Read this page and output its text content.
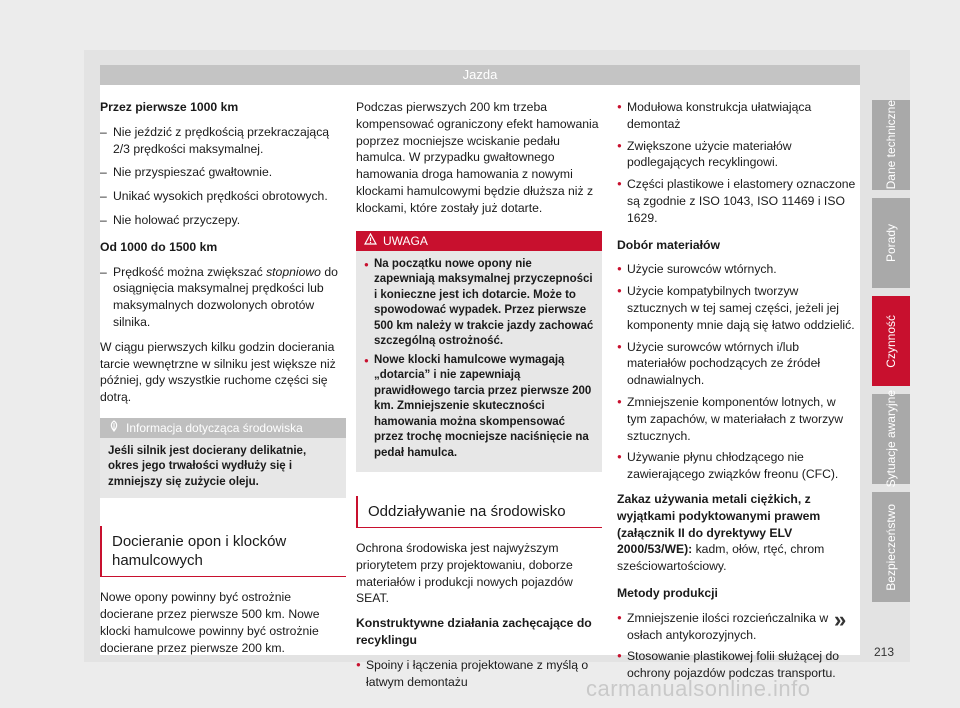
Jazda

Przez pierwsze 1000 km

– Nie jeździć z prędkością przekraczającą 2/3 prędkości maksymalnej.
– Nie przyspieszać gwałtownie.
– Unikać wysokich prędkości obrotowych.
– Nie holować przyczepy.

Od 1000 do 1500 km

– Prędkość można zwiększać stopniowo do osiągnięcia maksymalnej prędkości lub maksymalnych dozwolonych obrotów silnika.

W ciągu pierwszych kilku godzin docierania tarcie wewnętrzne w silniku jest większe niż później, gdy wszystkie ruchome części się dotrą.

Informacja dotycząca środowiska
Jeśli silnik jest docierany delikatnie, okres jego trwałości wydłuży się i zmniejszy się zużycie oleju.
Docieranie opon i klocków hamulcowych

Nowe opony powinny być ostrożnie docierane przez pierwsze 500 km. Nowe klocki hamulcowe powinny być ostrożnie docierane przez pierwsze 200 km.

Podczas pierwszych 200 km trzeba kompensować ograniczony efekt hamowania poprzez mocniejsze wciskanie pedału hamulca. W przypadku gwałtownego hamowania droga hamowania z nowymi klockami hamulcowymi będzie dłuższa niż z klockami, które zostały już dotarte.

UWAGA
● Na początku nowe opony nie zapewniają maksymalnej przyczepności i konieczne jest ich dotarcie. Może to spowodować wypadek. Przez pierwsze 500 km należy w trakcie jazdy zachować szczególną ostrożność.
● Nowe klocki hamulcowe wymagają „dotarcia” i nie zapewniają prawidłowego tarcia przez pierwsze 200 km. Zmniejszenie skuteczności hamowania można skompensować przez trochę mocniejsze naciśnięcie na pedał hamulca.
Oddziaływanie na środowisko

Ochrona środowiska jest najwyższym priorytetem przy projektowaniu, doborze materiałów i produkcji nowych pojazdów SEAT.

Konstruktywne działania zachęcające do recyklingu

● Spoiny i łączenia projektowane z myślą o łatwym demontażu
● Modułowa konstrukcja ułatwiająca demontaż
● Zwiększone użycie materiałów podlegających recyklingowi.
● Części plastikowe i elastomery oznaczone są zgodnie z ISO 1043, ISO 11469 i ISO 1629.

Dobór materiałów

● Użycie surowców wtórnych.
● Użycie kompatybilnych tworzyw sztucznych w tej samej części, jeżeli jej komponenty mnie dają się łatwo oddzielić.
● Użycie surowców wtórnych i/lub materiałów pochodzących ze źródeł odnawialnych.
● Zmniejszenie komponentów lotnych, w tym zapachów, w materiałach z tworzyw sztucznych.
● Używanie płynu chłodzącego nie zawierającego związków freonu (CFC).

Zakaz używania metali ciężkich, z wyjątkami podyktowanymi prawem (załącznik II do dyrektywy ELV 2000/53/WE): kadm, ołów, rtęć, chrom sześciowartościowy.

Metody produkcji

● Zmniejszenie ilości rozcieńczalnika w osłach antykorozyjnych.
● Stosowanie plastikowej folii służącej do ochrony pojazdów podczas transportu.
Dane techniczne
Porady
Czynność
Sytuacje awaryjne
Bezpieczeństwo
»
213
carmanualsonline.info
